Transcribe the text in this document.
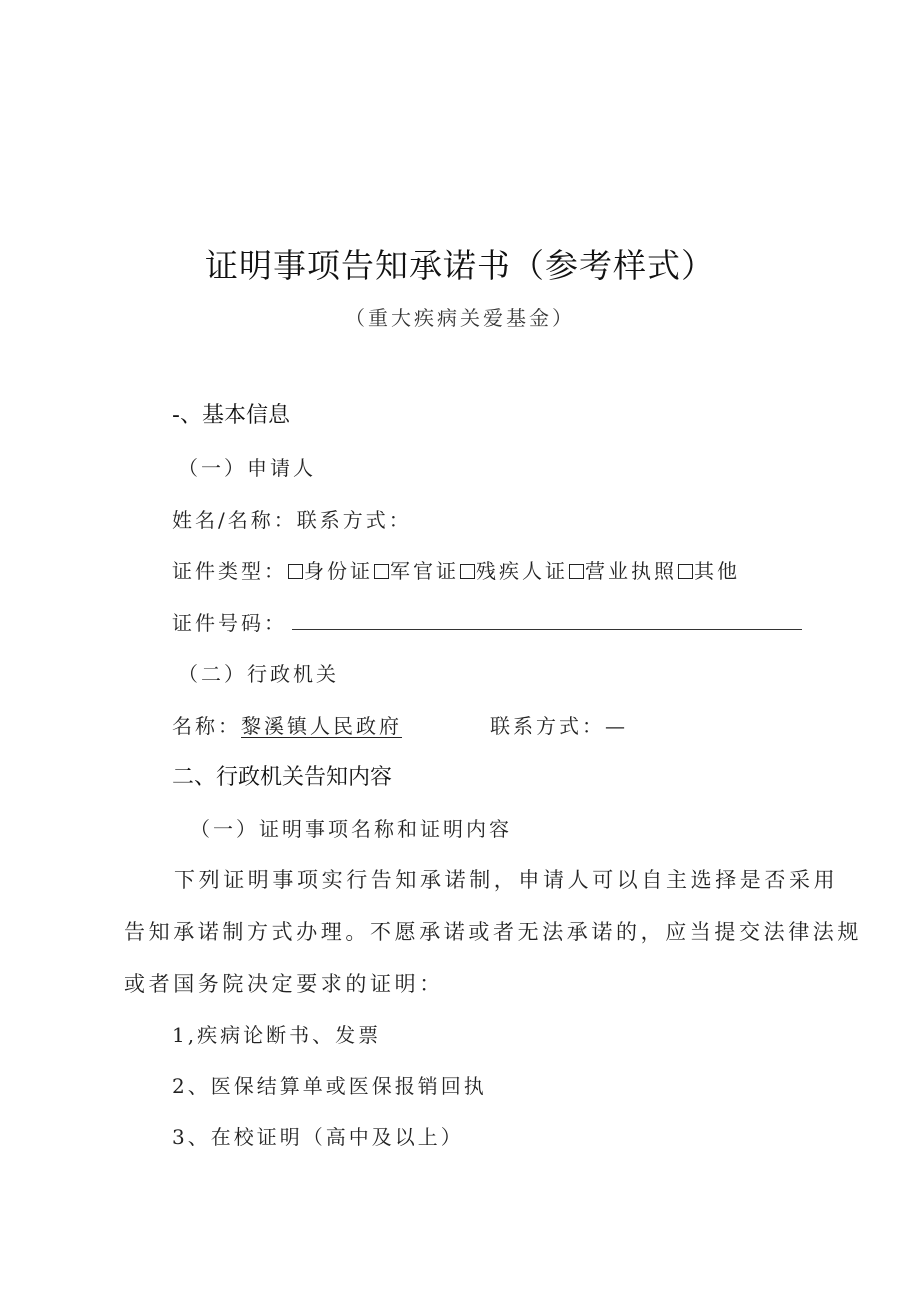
证明事项告知承诺书（参考样式）
（重大疾病关爱基金）
-、基本信息
（一）申请人
姓名/名称：联系方式：
证件类型： 身份证 军官证 残疾人证 营业执照 其他
证件号码：
（二）行政机关
名称：黎溪镇人民政府	联系方式：—
二、行政机关告知内容
（一）证明事项名称和证明内容
下列证明事项实行告知承诺制，申请人可以自主选择是否采用
告知承诺制方式办理。不愿承诺或者无法承诺的，应当提交法律法规
或者国务院决定要求的证明：
1,疾病论断书、发票
2、医保结算单或医保报销回执
3、在校证明（高中及以上）
